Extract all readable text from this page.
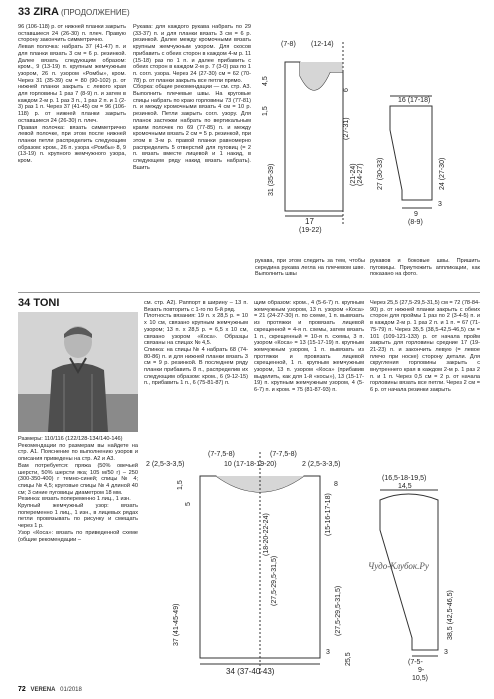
33 ZIRA (ПРОДОЛЖЕНИЕ)
96 (106-118) р. от нижней планки закрыть оставшиеся 24 (26-30) п. плеч. Правую сторону закончить симметрично.
Левая полочка: набрать 37 (41-47) п. и для планки вязать 3 см = 6 р. резинкой. Далее вязать следующим образом: кром., 9 (13-19) п. крупным жемчужным узором, 26 п. узором «Ромбы», кром. Через 31 (35-39) см = 80 (90-102) р. от нижней планки закрыть с левого края для горловины 1 раз 7 (8-9) п. и затем в каждом 2-м р. 1 раз 3 п., 1 раз 2 п. и 1 (2-3) раз 1 п. Через 37 (41-45) см = 96 (106-118) р. от нижней планки закрыть оставшиеся 24 (26-30) п. плеч.
Правая полочка: вязать симметрично левой полочке, при этом после нижней планки петли распределить следующим образом: кром., 26 п. узора «Ромбы» 8, 9 (13-19) п. крупного жемчужного узора, кром.
Рукава: для каждого рукава набрать по 29 (33-37) п. и для планки вязать 3 см = 6 р. резинкой. Далее между кромочными вязать крупным жемчужным узором. Для скосов прибавить с обеих сторон в каждом 4-м р. 11 (15-18) раз по 1 п. и далее прибавить с обеих сторон в каждом 2-м р. 7 (3-0) раз по 1 п. согл. узора. Через 24 (27-30) см = 62 (70-78) р. от планки закрыть все петли прямо.
Сборка: общие рекомендации — см. стр. А3. Выполнить плечевые швы. На круговые спицы набрать по краю горловины 73 (77-81) п. и между кромочными вязать 4 см = 10 р. резинкой. Петли закрыть согл. узору. Для планок застежки набрать по вертикальным краям полочек по 69 (77-85) п. и между кромочными вязать 2 см = 5 р. резинкой, при этом в 3-м р. правой планки равномерно распределить 5 отверстий для пуговиц (= 2 п. вязать вместе лицевой и 1 накид, в следующем ряду накид вязать набрать). Вшить
рукава, при этом следить за тем, чтобы середина рукава легла на плечевом шве. Выполнить швы
рукавов и боковые швы. Пришить пуговицы. Приутюжить аппликации, как показано на фото.
(7-8) (12-14)
4,5
1,5
31 (35-39)
6
(27-31)
(21-24) (24-27)
17
(19-22)
16 (17-18)
24 (27-30)
27 (30-33)
3
9
(8-9)
34 TONI
Размеры: 110/116 (122/128-134/140-146)
Рекомендации по размерам вы найдете на стр. А1. Пояснение по выполнению узоров и описания приведены на стр. А2 и А3.
Вам потребуется: пряжа (50% овечьей шерсти, 50% шерсти яка; 105 м/50 г) – 250 (300-350-400) г темно-синей; спицы № 4; спицы № 4,5; круговые спицы № 4 длиной 40 см; 3 синие пуговицы диаметром 18 мм.
Резинка: вязать попеременно 1 лиц., 1 изн.
Крупный жемчужный узор: вязать попеременно 1 лиц., 1 изн., в лицевых рядах петли провязывать по рисунку и смещать через 1 р.
Узор «Коса»: вязать по приведенной схеме (общие рекомендации –
см. стр. А2). Раппорт в ширину – 13 п. Вязать повторить с 1-го по 6-й ряд.
Плотность вязания: 19 п. х 28,5 р. = 10 х 10 см, связано крупным жемчужным узором; 13 п. х 28,5 р. = 6,5 х 10 см, связано узором «Коса». Образцы связаны на спицах № 4,5.
Спинка: на спицы № 4 набрать 68 (74-80-86) п. и для нижней планки вязать 3 см = 9 р. резинкой. В последнем ряду планки прибавить 8 п., распределив их следующим образом: кром., 6 (9-12-15) п., прибавить 1 п., 6 (75-81-87) п.
щим образом: кром., 4 (5-6-7) п. крупным жемчужным узором, 13 п. узором «Коса» = 21 (24-27-30) п. по схеме, 1 п. вывязать из протяжки и провязать лицевой скрещенной = 4-я п. схемы, затем вязать 1 п., скрещенный = 10-я п. схемы, 3 п. узором «Коса» = 13 (15-17-19) п. крупным жемчужным узором, 1 п. вывязать из протяжки и провязать лицевой скрещенной, 1 п. крупным жемчужным узором, 13 п. узором «Коса» (прибавив выделить, как для 1-й «косы»), 13 (15-17-19) п. крупным жемчужным узором, 4 (5-6-7) п. и кром. = 75 (81-87-93) п.
Через 25,5 (27,5-29,5-31,5) см = 72 (78-84-90) р. от нижней планки закрыть с обеих сторон для проймы 1 раз по 2 (3-4-5) п. и в каждом 2-м р. 1 раз 2 п. и 1 п. = 67 (71-75-79) п. Через 35,5 (38,5-42,5-46,5) см = 101 (109-121-133) р. от начала пройм закрыть для горловины средние 17 (19-21-23) п. и закончить левую (= левое плечо при носке) сторону детали. Для скругления горловины закрыть с внутреннего края в каждом 2-м р. 1 раз 2 п. и 1 п. Через 0,5 см = 2 р. от начала горловины вязать все петли. Через 2 см = 6 р. от начала резинки закрыть
(7-7,5-8)	(7-7,5-8)
2 (2,5-3-3,5)	10 (17-18-19-20)	2 (2,5-3-3,5)
1,5
5
37 (41-45-49)
(18-20-22-24)
(27,5-29,5-31,5)
(15-16-17-18)
(27,5-29,5-31,5)
3
34 (37-40-43)
8
25,5
(16,5-18-19,5)
14,5
38,5 (42,5-46,5)
3
(7-5-
9-
10,5)
Чудо-Клубок.Ру
72 VERENA 01/2018
